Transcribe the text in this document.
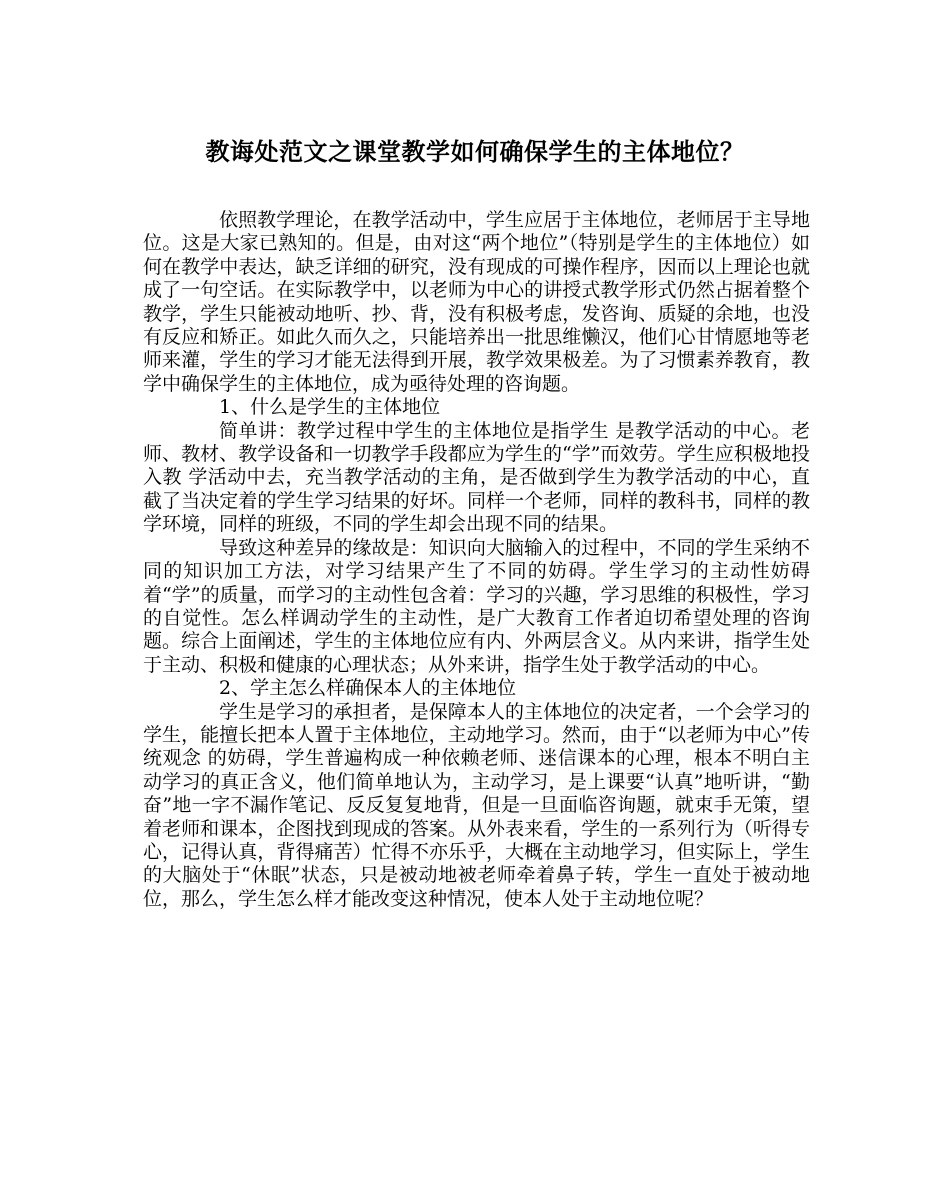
教诲处范文之课堂教学如何确保学生的主体地位？

依照教学理论，在教学活动中，学生应居于主体地位，老师居于主导地位。这是大家已熟知的。但是，由对这“两个地位”（特别是学生的主体地位）如何在教学中表达，缺乏详细的研究，没有现成的可操作程序，因而以上理论也就成了一句空话。在实际教学中，以老师为中心的讲授式教学形式仍然占据着整个教学，学生只能被动地听、抄、背，没有积极考虑，发咨询、质疑的余地，也没有反应和矫正。如此久而久之，只能培养出一批思维懒汉，他们心甘情愿地等老师来灌，学生的学习才能无法得到开展，教学效果极差。为了习惯素养教育，教学中确保学生的主体地位，成为亟待处理的咨询题。

1、什么是学生的主体地位

简单讲：教学过程中学生的主体地位是指学生 是教学活动的中心。老师、教材、教学设备和一切教学手段都应为学生的“学”而效劳。学生应积极地投入教 学活动中去，充当教学活动的主角，是否做到学生为教学活动的中心，直截了当决定着的学生学习结果的好坏。同样一个老师，同样的教科书，同样的教学环境，同样的班级，不同的学生却会出现不同的结果。

导致这种差异的缘故是：知识向大脑输入的过程中，不同的学生采纳不同的知识加工方法，对学习结果产生了不同的妨碍。学生学习的主动性妨碍着“学”的质量，而学习的主动性包含着：学习的兴趣，学习思维的积极性，学习的自觉性。怎么样调动学生的主动性，是广大教育工作者迫切希望处理的咨询题。综合上面阐述，学生的主体地位应有内、外两层含义。从内来讲，指学生处于主动、积极和健康的心理状态；从外来讲，指学生处于教学活动的中心。

2、学主怎么样确保本人的主体地位

学生是学习的承担者，是保障本人的主体地位的决定者，一个会学习的学生，能擅长把本人置于主体地位，主动地学习。然而，由于“以老师为中心”传统观念 的妨碍，学生普遍构成一种依赖老师、迷信课本的心理，根本不明白主动学习的真正含义，他们简单地认为，主动学习，是上课要“认真”地听讲，“勤奋”地一字不漏作笔记、反反复复地背，但是一旦面临咨询题，就束手无策，望着老师和课本，企图找到现成的答案。从外表来看，学生的一系列行为（听得专心，记得认真，背得痛苦）忙得不亦乐乎，大概在主动地学习，但实际上，学生的大脑处于“休眠”状态，只是被动地被老师牵着鼻子转，学生一直处于被动地位，那么，学生怎么样才能改变这种情况，使本人处于主动地位呢？
